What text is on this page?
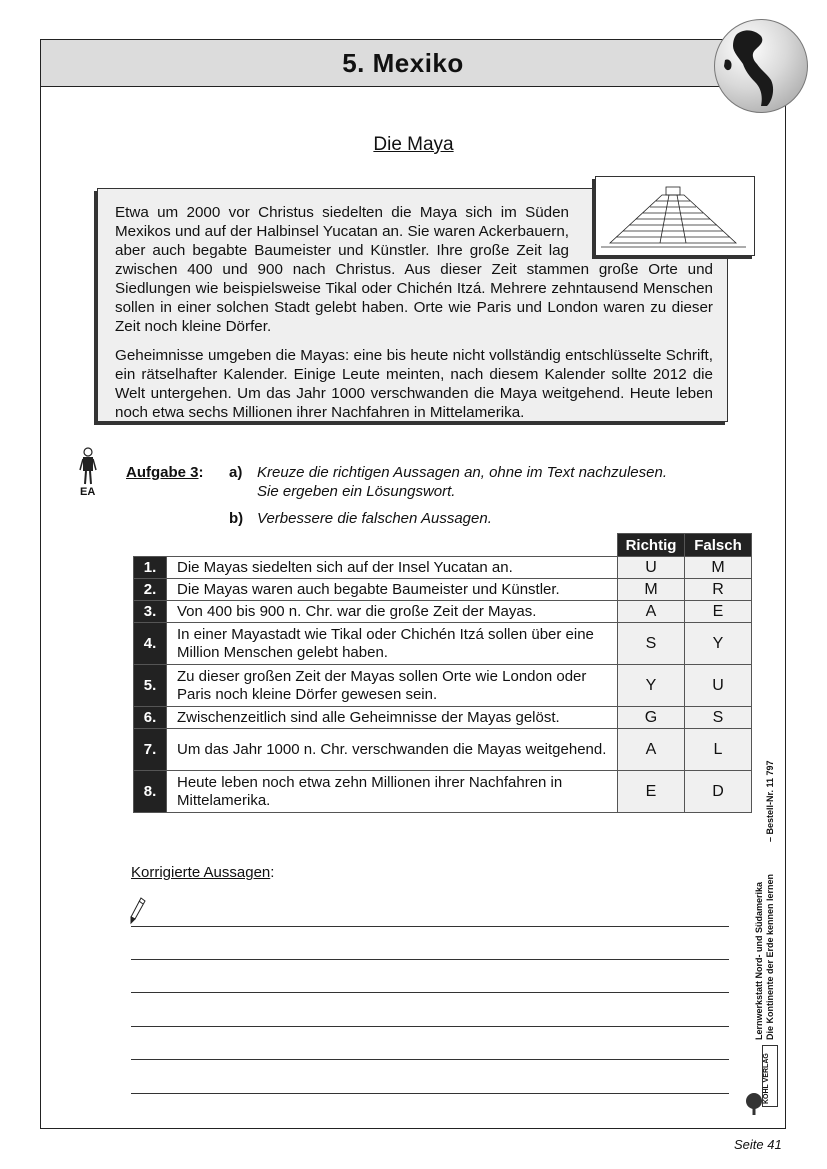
5. Mexiko
Die Maya

Etwa um 2000 vor Christus siedelten die Maya sich im Süden Mexikos und auf der Halbinsel Yucatan an. Sie waren Ackerbauern, aber auch begabte Baumeister und Künstler. Ihre große Zeit lag zwischen 400 und 900 nach Christus. Aus dieser Zeit stammen große Orte und Siedlungen wie beispielsweise Tikal oder Chichén Itzá. Mehrere zehntausend Menschen sollen in einer solchen Stadt gelebt haben. Orte wie Paris und London waren zu dieser Zeit noch kleine Dörfer.

Geheimnisse umgeben die Mayas: eine bis heute nicht vollständig entschlüsselte Schrift, ein rätselhafter Kalender. Einige Leute meinten, nach diesem Kalender sollte 2012 die Welt untergehen. Um das Jahr 1000 verschwanden die Maya weitgehend. Heute leben noch etwa sechs Millionen ihrer Nachfahren in Mittelamerika.

EA
Aufgabe 3: a) Kreuze die richtigen Aussagen an, ohne im Text nachzulesen.
Sie ergeben ein Lösungswort.
b) Verbessere die falschen Aussagen.
		Richtig	Falsch
1.	Die Mayas siedelten sich auf der Insel Yucatan an.	U	M
2.	Die Mayas waren auch begabte Baumeister und Künstler.	M	R
3.	Von 400 bis 900 n. Chr. war die große Zeit der Mayas.	A	E
4.	In einer Mayastadt wie Tikal oder Chichén Itzá sollen über eine Million Menschen gelebt haben.	S	Y
5.	Zu dieser großen Zeit der Mayas sollen Orte wie London oder Paris noch kleine Dörfer gewesen sein.	Y	U
6.	Zwischenzeitlich sind alle Geheimnisse der Mayas gelöst.	G	S
7.	Um das Jahr 1000 n. Chr. verschwanden die Mayas weitgehend.	A	L
8.	Heute leben noch etwa zehn Millionen ihrer Nachfahren in Mittelamerika.	E	D
Korrigierte Aussagen:
Lernwerkstatt Nord- und Südamerika Die Kontinente der Erde kennen lernen
– Bestell-Nr. 11 797
KOHL VERLAG
Seite 41
